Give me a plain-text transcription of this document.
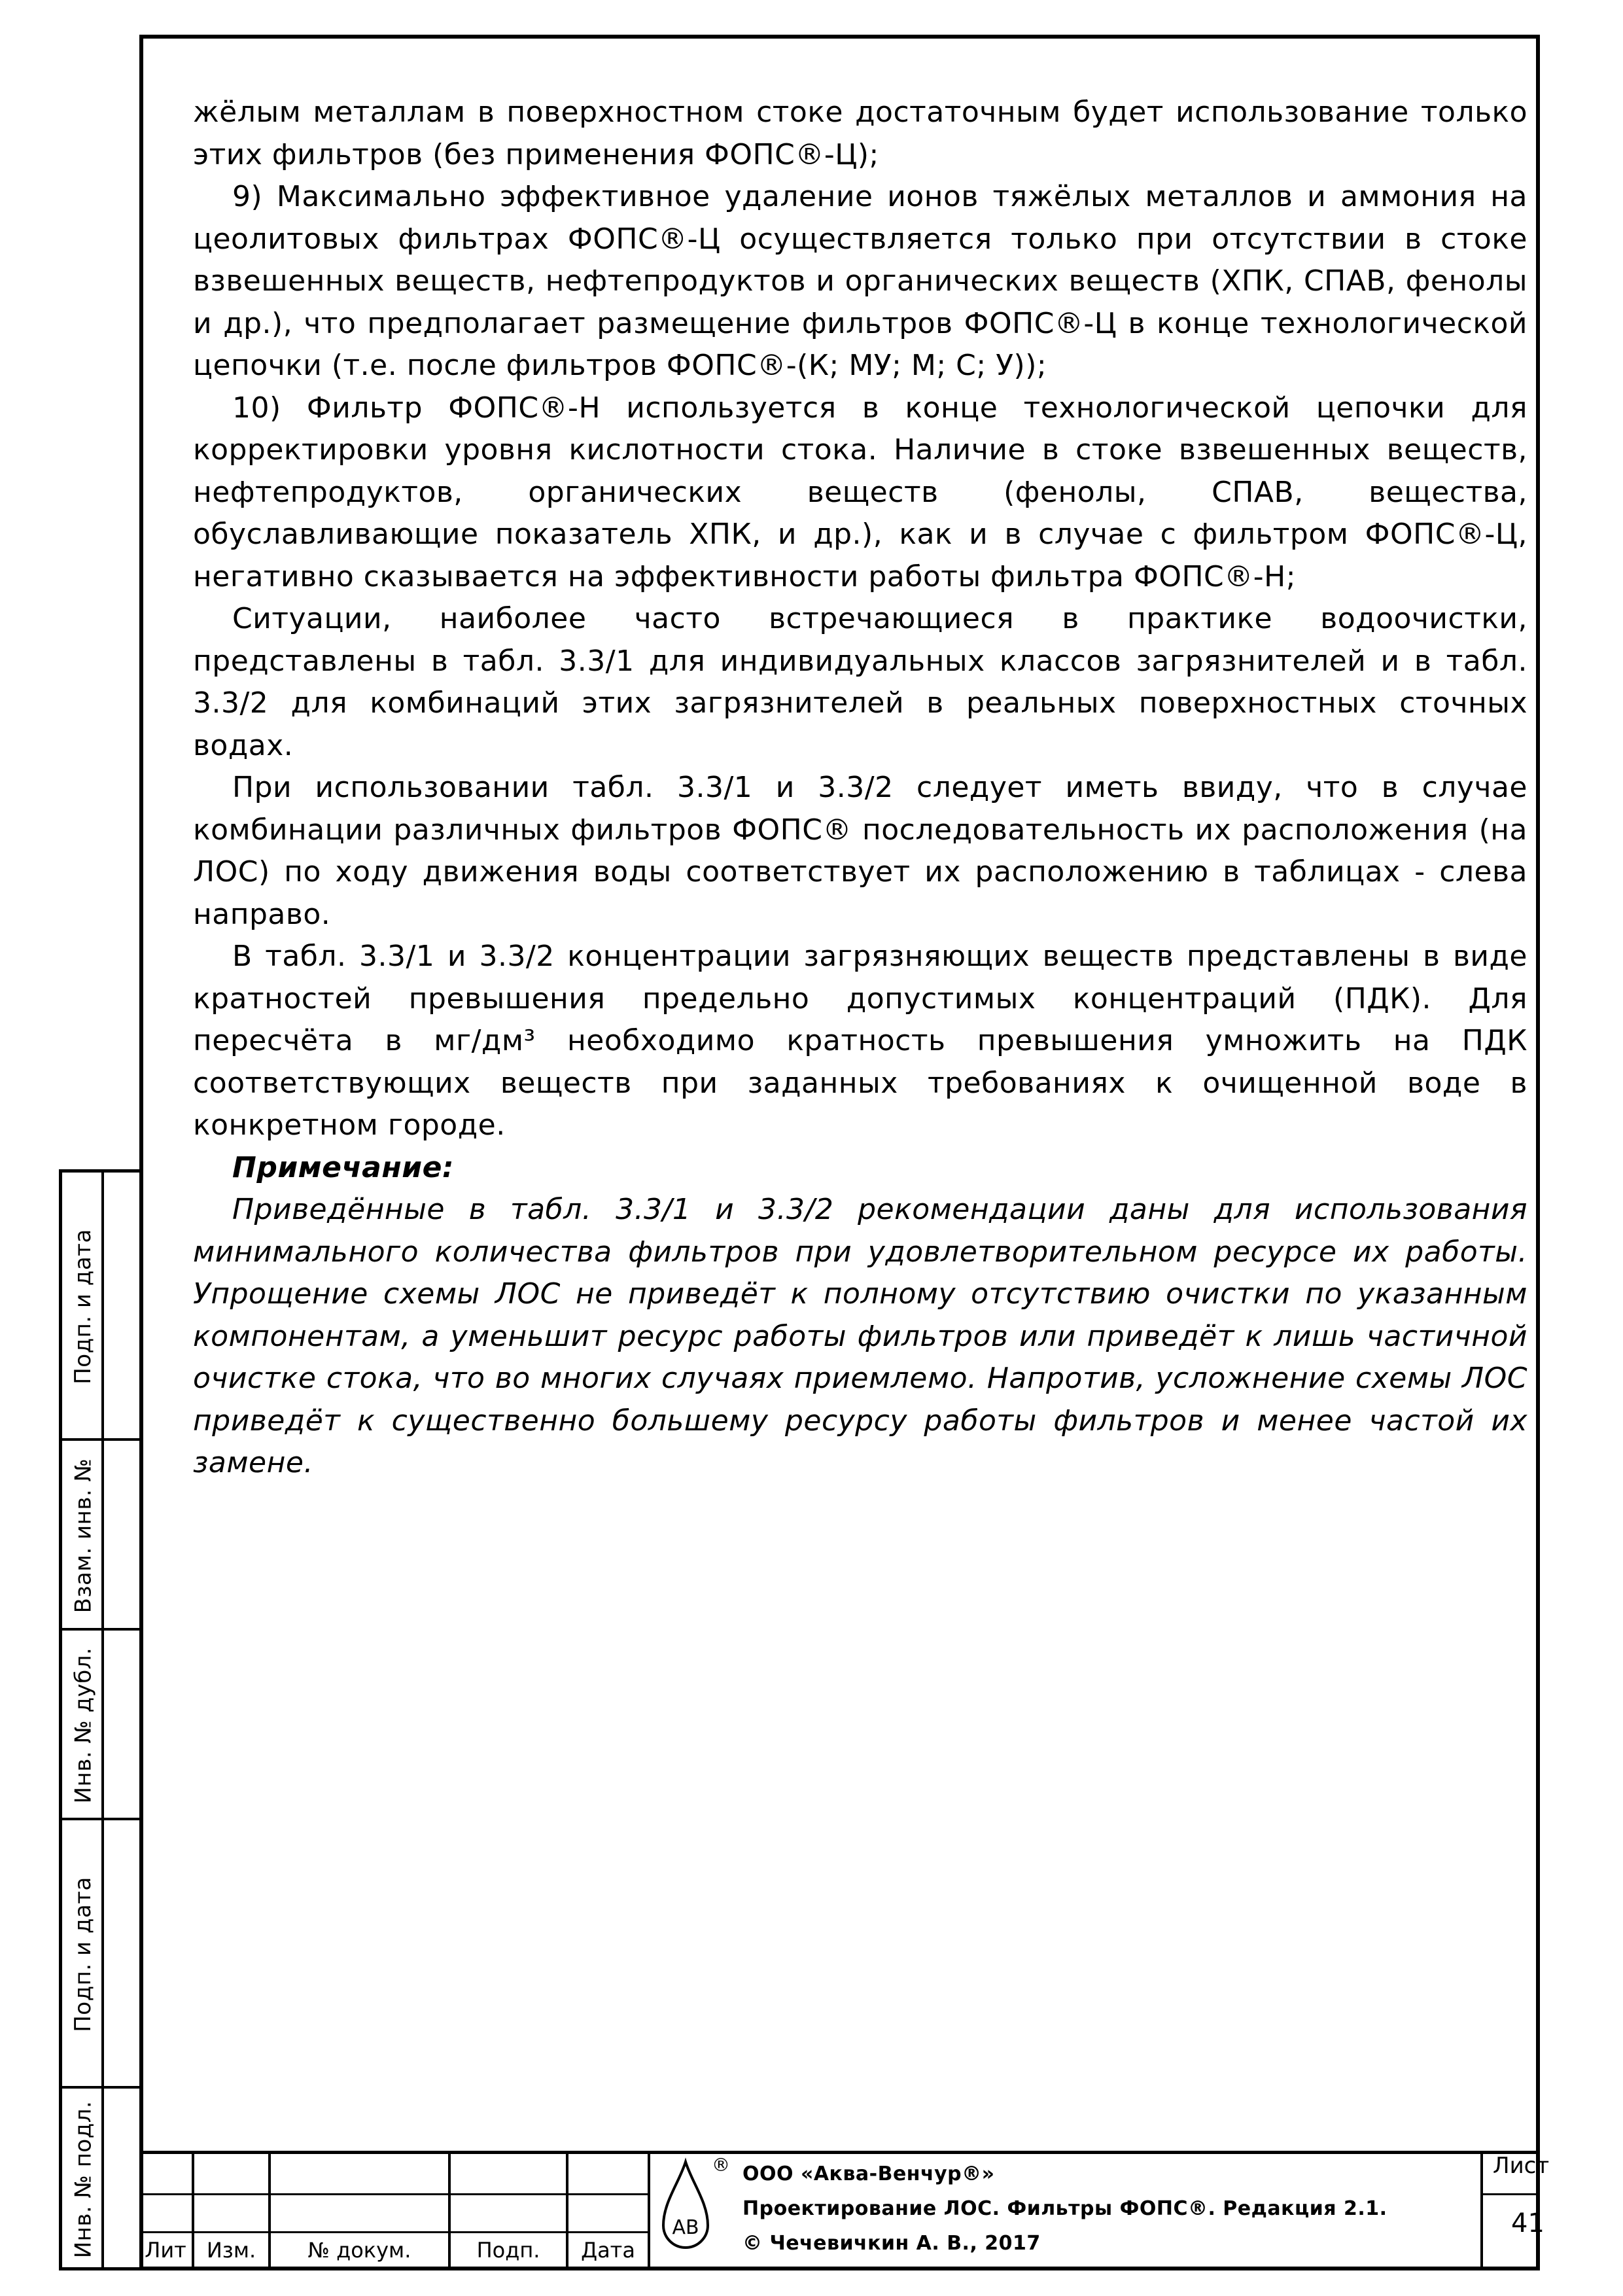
жёлым металлам в поверхностном стоке достаточным будет использование только этих фильтров (без применения ФОПС®-Ц);

9) Максимально эффективное удаление ионов тяжёлых металлов и аммония на цеолитовых фильтрах ФОПС®-Ц осуществляется только при отсутствии в стоке взвешенных веществ, нефтепродуктов и органических веществ (ХПК, СПАВ, фенолы и др.), что предполагает размещение фильтров ФОПС®-Ц в конце технологической цепочки (т.е. после фильтров ФОПС®-(К; МУ; М; С; У));

10) Фильтр ФОПС®-Н используется в конце технологической цепочки для корректировки уровня кислотности стока. Наличие в стоке взвешенных веществ, нефтепродуктов, органических веществ (фенолы, СПАВ, вещества, обуславливающие показатель ХПК, и др.), как и в случае с фильтром ФОПС®-Ц, негативно сказывается на эффективности работы фильтра ФОПС®-Н;

Ситуации, наиболее часто встречающиеся в практике водоочистки, представлены в табл. 3.3/1 для индивидуальных классов загрязнителей и в табл. 3.3/2 для комбинаций этих загрязнителей в реальных поверхностных сточных водах.

При использовании табл. 3.3/1 и 3.3/2 следует иметь ввиду, что в случае комбинации различных фильтров ФОПС® последовательность их расположения (на ЛОС) по ходу движения воды соответствует их расположению в таблицах - слева направо.

В табл. 3.3/1 и 3.3/2 концентрации загрязняющих веществ представлены в виде кратностей превышения предельно допустимых концентраций (ПДК). Для пересчёта в мг/дм³ необходимо кратность превышения умножить на ПДК соответствующих веществ при заданных требованиях к очищенной воде в конкретном городе.

Примечание:

Приведённые в табл. 3.3/1 и 3.3/2 рекомендации даны для использования минимального количества фильтров при удовлетворительном ресурсе их работы. Упрощение схемы ЛОС не приведёт к полному отсутствию очистки по указанным компонентам, а уменьшит ресурс работы фильтров или приведёт к лишь частичной очистке стока, что во многих случаях приемлемо. Напротив, усложнение схемы ЛОС приведёт к существенно большему ресурсу работы фильтров и менее частой их замене.

Подп. и дата
Взам. инв. №
Инв. № дубл.
Подп. и дата
Инв. № подл. Лит Изм.	№ докум.	Подп.	Дата
АВ
® ООО «Аква-Венчур®»
Проектирование ЛОС. Фильтры ФОПС®. Редакция 2.1.
© Чечевичкин А. В., 2017
Лист
41
